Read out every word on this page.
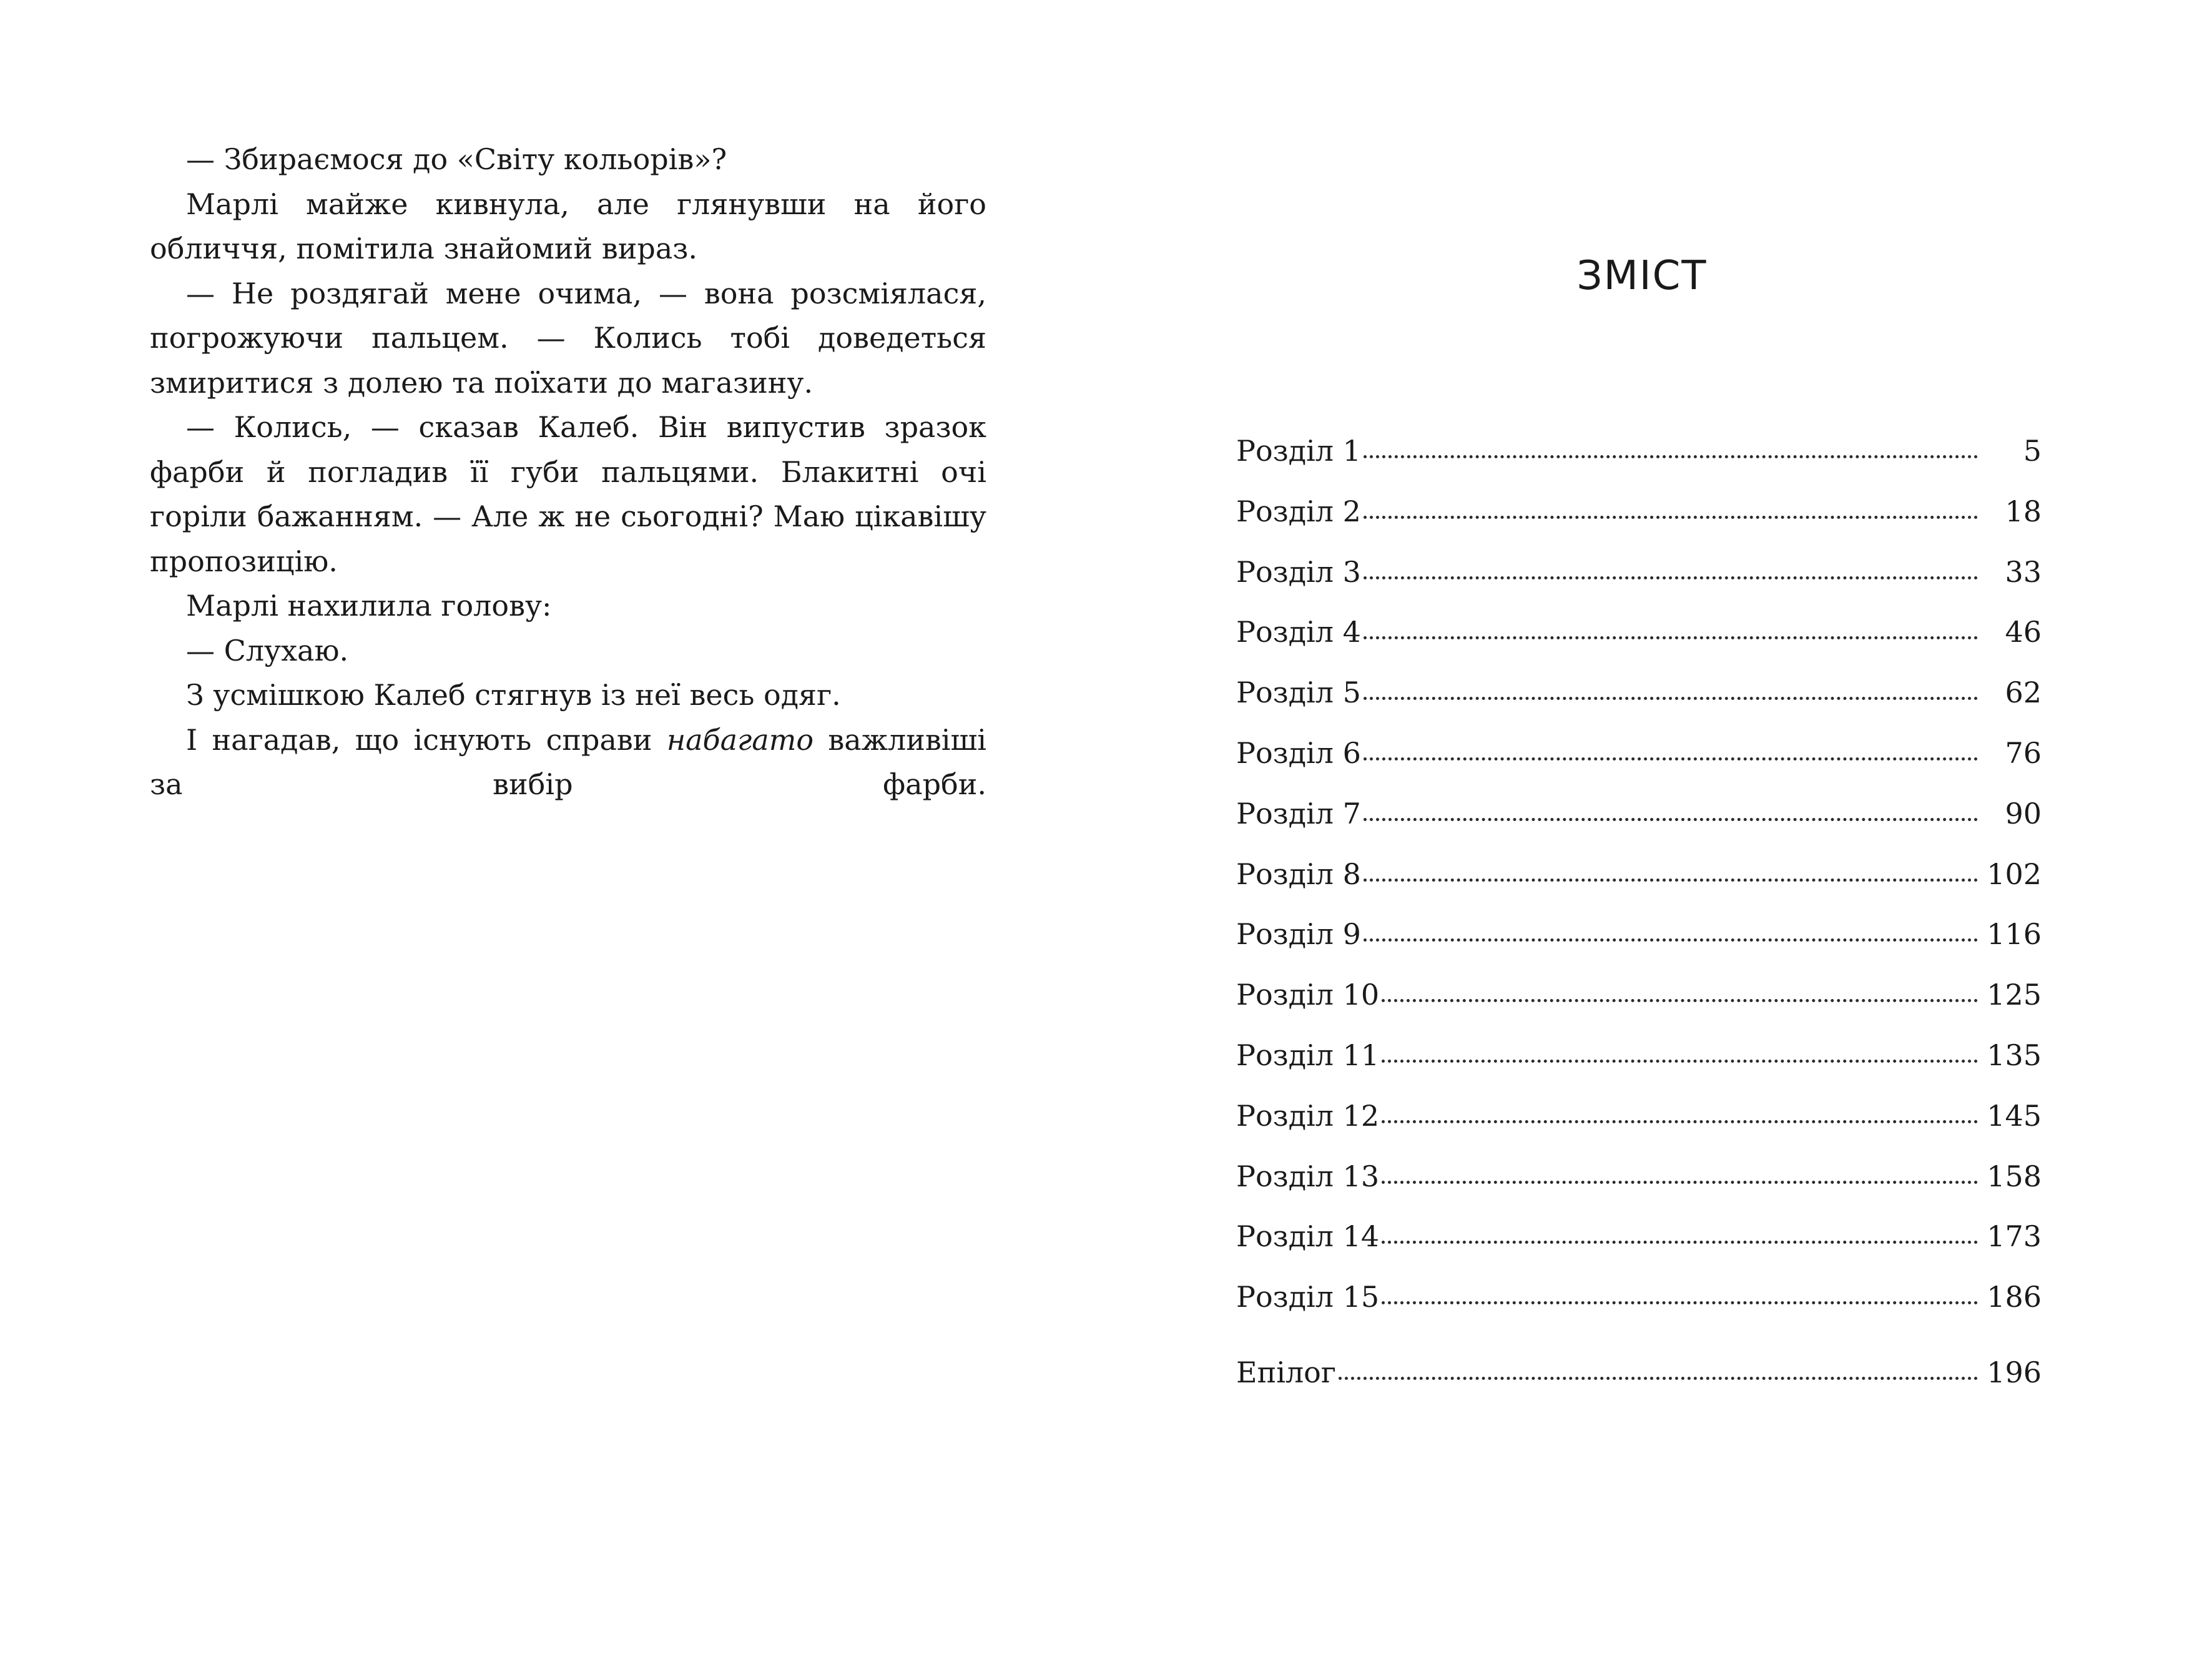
— Збираємося до «Світу кольорів»?

Марлі майже кивнула, але глянувши на його обличчя, помітила знайомий вираз.

— Не роздягай мене очима, — вона розсміялася, погрожуючи пальцем. — Колись тобі доведеться змиритися з долею та поїхати до магазину.

— Колись, — сказав Калеб. Він випустив зразок фарби й погладив її губи пальцями. Блакитні очі горіли бажанням. — Але ж не сьогодні? Маю цікавішу пропозицію.

Марлі нахилила голову:

— Слухаю.

З усмішкою Калеб стягнув із неї весь одяг.

І нагадав, що існують справи набагато важливіші за вибір фарби.

ЗМІСТ
Розділ 1	5
Розділ 2	18
Розділ 3	33
Розділ 4	46
Розділ 5	62
Розділ 6	76
Розділ 7	90
Розділ 8	102
Розділ 9	116
Розділ 10	125
Розділ 11	135
Розділ 12	145
Розділ 13	158
Розділ 14	173
Розділ 15	186
Епілог	196
